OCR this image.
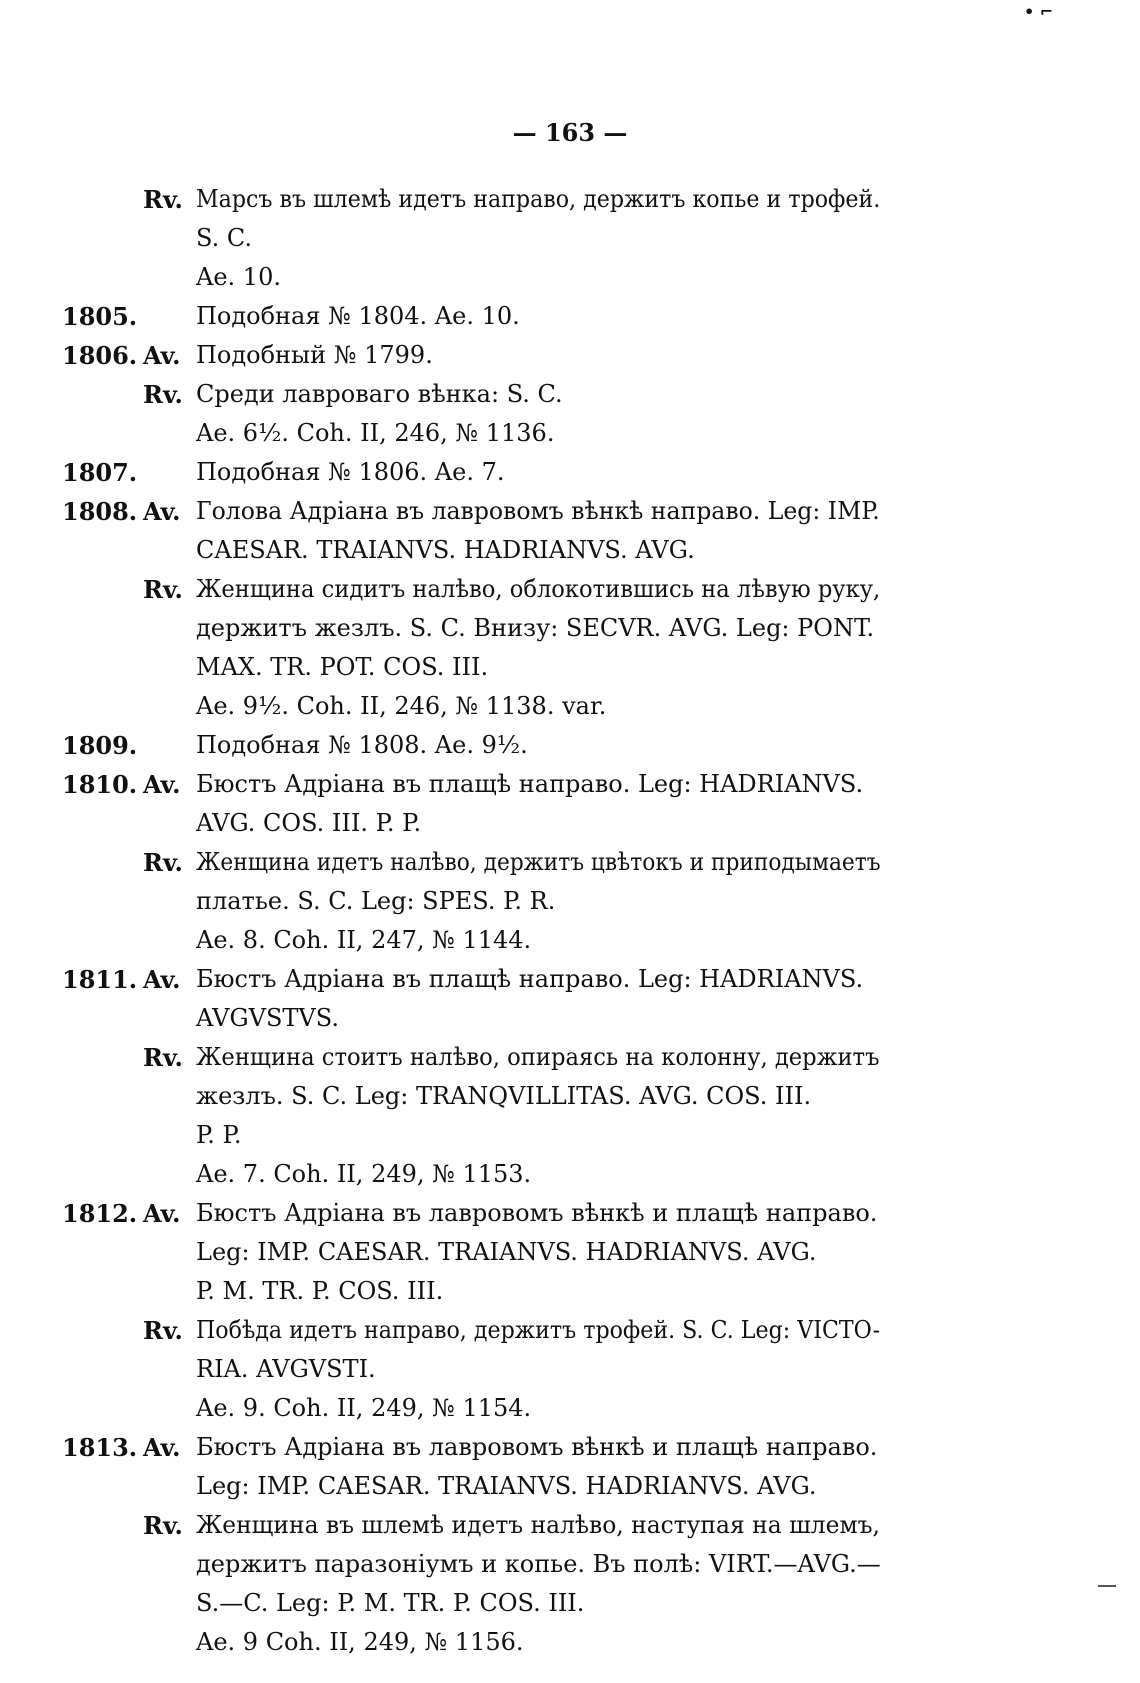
• ⌐
— 163 —
Rv. Марсъ въ шлемѣ идетъ направо, держитъ копье и трофей.
S. C.
Ae. 10.
1805. Подобная № 1804. Ae. 10.
1806. Av. Подобный № 1799.
Rv. Среди лавроваго вѣнка: S. C.
Ae. 6½. Coh. II, 246, № 1136.
1807. Подобная № 1806. Ae. 7.
1808. Av. Голова Адріана въ лавровомъ вѣнкѣ направо. Leg: IMP.
CAESAR. TRAIANVS. HADRIANVS. AVG.
Rv. Женщина сидитъ налѣво, облокотившись на лѣвую руку,
держитъ жезлъ. S. C. Внизу: SECVR. AVG. Leg: PONT.
MAX. TR. POT. COS. III.
Ae. 9½. Coh. II, 246, № 1138. var.
1809. Подобная № 1808. Ae. 9½.
1810. Av. Бюстъ Адріана въ плащѣ направо. Leg: HADRIANVS.
AVG. COS. III. P. P.
Rv. Женщина идетъ налѣво, держитъ цвѣтокъ и приподымаетъ
платье. S. C. Leg: SPES. P. R.
Ae. 8. Coh. II, 247, № 1144.
1811. Av. Бюстъ Адріана въ плащѣ направо. Leg: HADRIANVS.
AVGVSTVS.
Rv. Женщина стоитъ налѣво, опираясь на колонну, держитъ
жезлъ. S. C. Leg: TRANQVILLITAS. AVG. COS. III.
P. P.
Ae. 7. Coh. II, 249, № 1153.
1812. Av. Бюстъ Адріана въ лавровомъ вѣнкѣ и плащѣ направо.
Leg: IMP. CAESAR. TRAIANVS. HADRIANVS. AVG.
P. M. TR. P. COS. III.
Rv. Побѣда идетъ направо, держитъ трофей. S. C. Leg: VICTO-
RIA. AVGVSTI.
Ae. 9. Coh. II, 249, № 1154.
1813. Av. Бюстъ Адріана въ лавровомъ вѣнкѣ и плащѣ направо.
Leg: IMP. CAESAR. TRAIANVS. HADRIANVS. AVG.
Rv. Женщина въ шлемѣ идетъ налѣво, наступая на шлемъ,
держитъ паразоніумъ и копье. Въ полѣ: VIRT.—AVG.—
S.—C. Leg: P. M. TR. P. COS. III.
Ae. 9 Coh. II, 249, № 1156.
